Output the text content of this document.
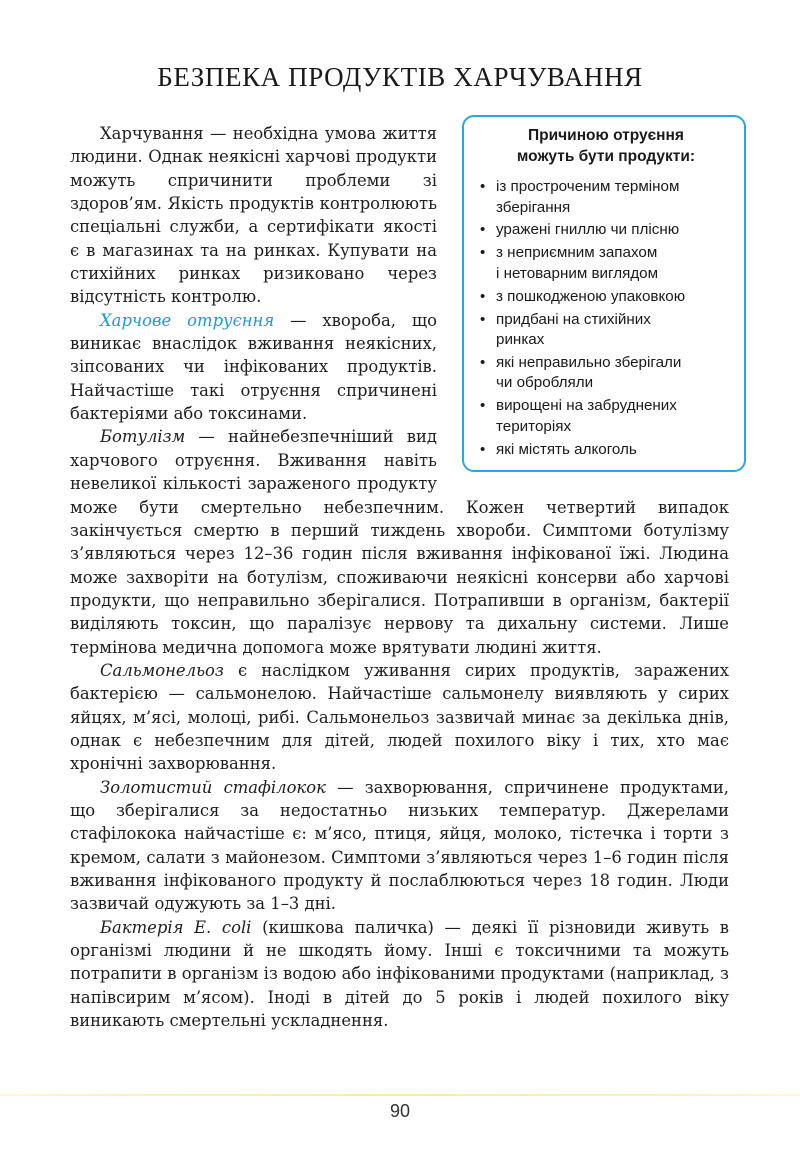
БЕЗПЕКА ПРОДУКТІВ ХАРЧУВАННЯ

Харчування — необхідна умова життя людини. Однак неякісні харчові продукти можуть спричинити проблеми зі здоров’ям. Якість продуктів контролюють спеціальні служби, а сертифікати якості є в магазинах та на ринках. Купувати на стихійних ринках ризиковано через відсутність контролю.

Харчове отруєння — хвороба, що виникає внаслідок вживання неякісних, зіпсованих чи інфікованих продуктів. Найчастіше такі отруєння спричинені бактеріями або токсинами.

Ботулізм — найнебезпечніший вид харчового отруєння. Вживання навіть невеликої кількості зараженого продукту може бути смертельно небезпечним. Кожен четвертий випадок закінчується смертю в перший тиждень хвороби. Симптоми ботулізму з’являються через 12–36 годин після вживання інфікованої їжі. Людина може захворіти на ботулізм, споживаючи неякісні консерви або харчові продукти, що неправильно зберігалися. Потрапивши в організм, бактерії виділяють токсин, що паралізує нервову та дихальну системи. Лише термінова медична допомога може врятувати людині життя.

Сальмонельоз є наслідком уживання сирих продуктів, заражених бактерією — сальмонелою. Найчастіше сальмонелу виявляють у сирих яйцях, м’ясі, молоці, рибі. Сальмонельоз зазвичай минає за декілька днів, однак є небезпечним для дітей, людей похилого віку і тих, хто має хронічні захворювання.

Золотистий стафілокок — захворювання, спричинене продуктами, що зберігалися за недостатньо низьких температур. Джерелами стафілокока найчастіше є: м’ясо, птиця, яйця, молоко, тістечка і торти з кремом, салати з майонезом. Симптоми з’являються через 1–6 годин після вживання інфікованого продукту й послаблюються через 18 годин. Люди зазвичай одужують за 1–3 дні.

Бактерія E. coli (кишкова паличка) — деякі її різновиди живуть в організмі людини й не шкодять йому. Інші є токсичними та можуть потрапити в організм із водою або інфікованими продуктами (наприклад, з напівсирим м’ясом). Іноді в дітей до 5 років і людей похилого віку виникають смертельні ускладнення.

Причиною отруєння
можуть бути продукти:
• із простроченим терміном
зберігання
• уражені гниллю чи плісню
• з неприємним запахом
і нетоварним виглядом
• з пошкодженою упаковкою
• придбані на стихійних
ринках
• які неправильно зберігали
чи обробляли
• вирощені на забруднених
територіях
• які містять алкоголь
90
